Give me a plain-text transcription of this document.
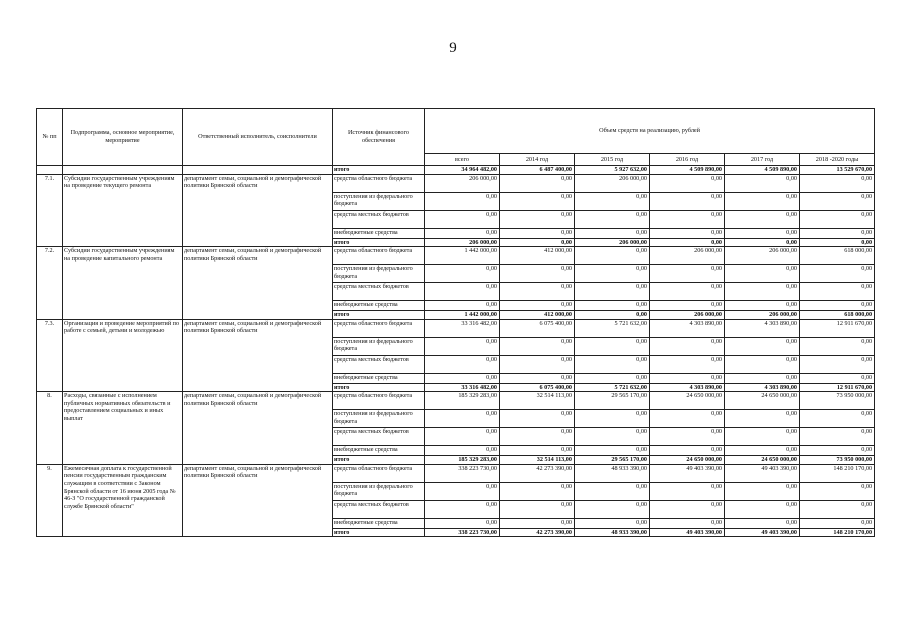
9
№ пп	Подпрограмма, основное мероприятие, мероприятие	Ответственный исполнитель, соисполнители	Источник финансового обеспечения	Объем средств на реализацию, рублей					
				всего	2014 год	2015 год	2016 год	2017 год	2018 -2020 годы
			итого	34 964 482,00	6 487 400,00	5 927 632,00	4 509 890,00	4 509 890,00	13 529 670,00
7.1.	Субсидии государственным учреждениям на проведение текущего ремонта	департамент семьи, социальной и демографической политики Брянской области	средства областного бюджета	206 000,00	0,00	206 000,00	0,00	0,00	0,00
			поступления из федерального бюджета	0,00	0,00	0,00	0,00	0,00	0,00
			средства местных бюджетов	0,00	0,00	0,00	0,00	0,00	0,00
			внебюджетные средства	0,00	0,00	0,00	0,00	0,00	0,00
			итого	206 000,00	0,00	206 000,00	0,00	0,00	0,00
7.2.	Субсидии государственным учреждениям на проведение капитального ремонта	департамент семьи, социальной и демографической политики Брянской области	средства областного бюджета	1 442 000,00	412 000,00	0,00	206 000,00	206 000,00	618 000,00
			поступления из федерального бюджета	0,00	0,00	0,00	0,00	0,00	0,00
			средства местных бюджетов	0,00	0,00	0,00	0,00	0,00	0,00
			внебюджетные средства	0,00	0,00	0,00	0,00	0,00	0,00
			итого	1 442 000,00	412 000,00	0,00	206 000,00	206 000,00	618 000,00
7.3.	Организация и проведение мероприятий по работе с семьей, детьми и молодежью	департамент семьи, социальной и демографической политики Брянской области	средства областного бюджета	33 316 482,00	6 075 400,00	5 721 632,00	4 303 890,00	4 303 890,00	12 911 670,00
			поступления из федерального бюджета	0,00	0,00	0,00	0,00	0,00	0,00
			средства местных бюджетов	0,00	0,00	0,00	0,00	0,00	0,00
			внебюджетные средства	0,00	0,00	0,00	0,00	0,00	0,00
			итого	33 316 482,00	6 075 400,00	5 721 632,00	4 303 890,00	4 303 890,00	12 911 670,00
8.	Расходы, связанные с исполнением публичных нормативных обязательств и предоставлением социальных и иных выплат	департамент семьи, социальной и демографической политики Брянской области	средства областного бюджета	185 329 283,00	32 514 113,00	29 565 170,00	24 650 000,00	24 650 000,00	73 950 000,00
			поступления из федерального бюджета	0,00	0,00	0,00	0,00	0,00	0,00
			средства местных бюджетов	0,00	0,00	0,00	0,00	0,00	0,00
			внебюджетные средства	0,00	0,00	0,00	0,00	0,00	0,00
			итого	185 329 283,00	32 514 113,00	29 565 170,00	24 650 000,00	24 650 000,00	73 950 000,00
9.	Ежемесячная доплата к государственной пенсии государственным гражданским служащим в соответствии с Законом Брянской области от 16 июня 2005 года № 46-З "О государственной гражданской службе Брянской области"	департамент семьи, социальной и демографической политики Брянской области	средства областного бюджета	338 223 730,00	42 273 390,00	48 933 390,00	49 403 390,00	49 403 390,00	148 210 170,00
			поступления из федерального бюджета	0,00	0,00	0,00	0,00	0,00	0,00
			средства местных бюджетов	0,00	0,00	0,00	0,00	0,00	0,00
			внебюджетные средства	0,00	0,00	0,00	0,00	0,00	0,00
			итого	338 223 730,00	42 273 390,00	48 933 390,00	49 403 390,00	49 403 390,00	148 210 170,00
